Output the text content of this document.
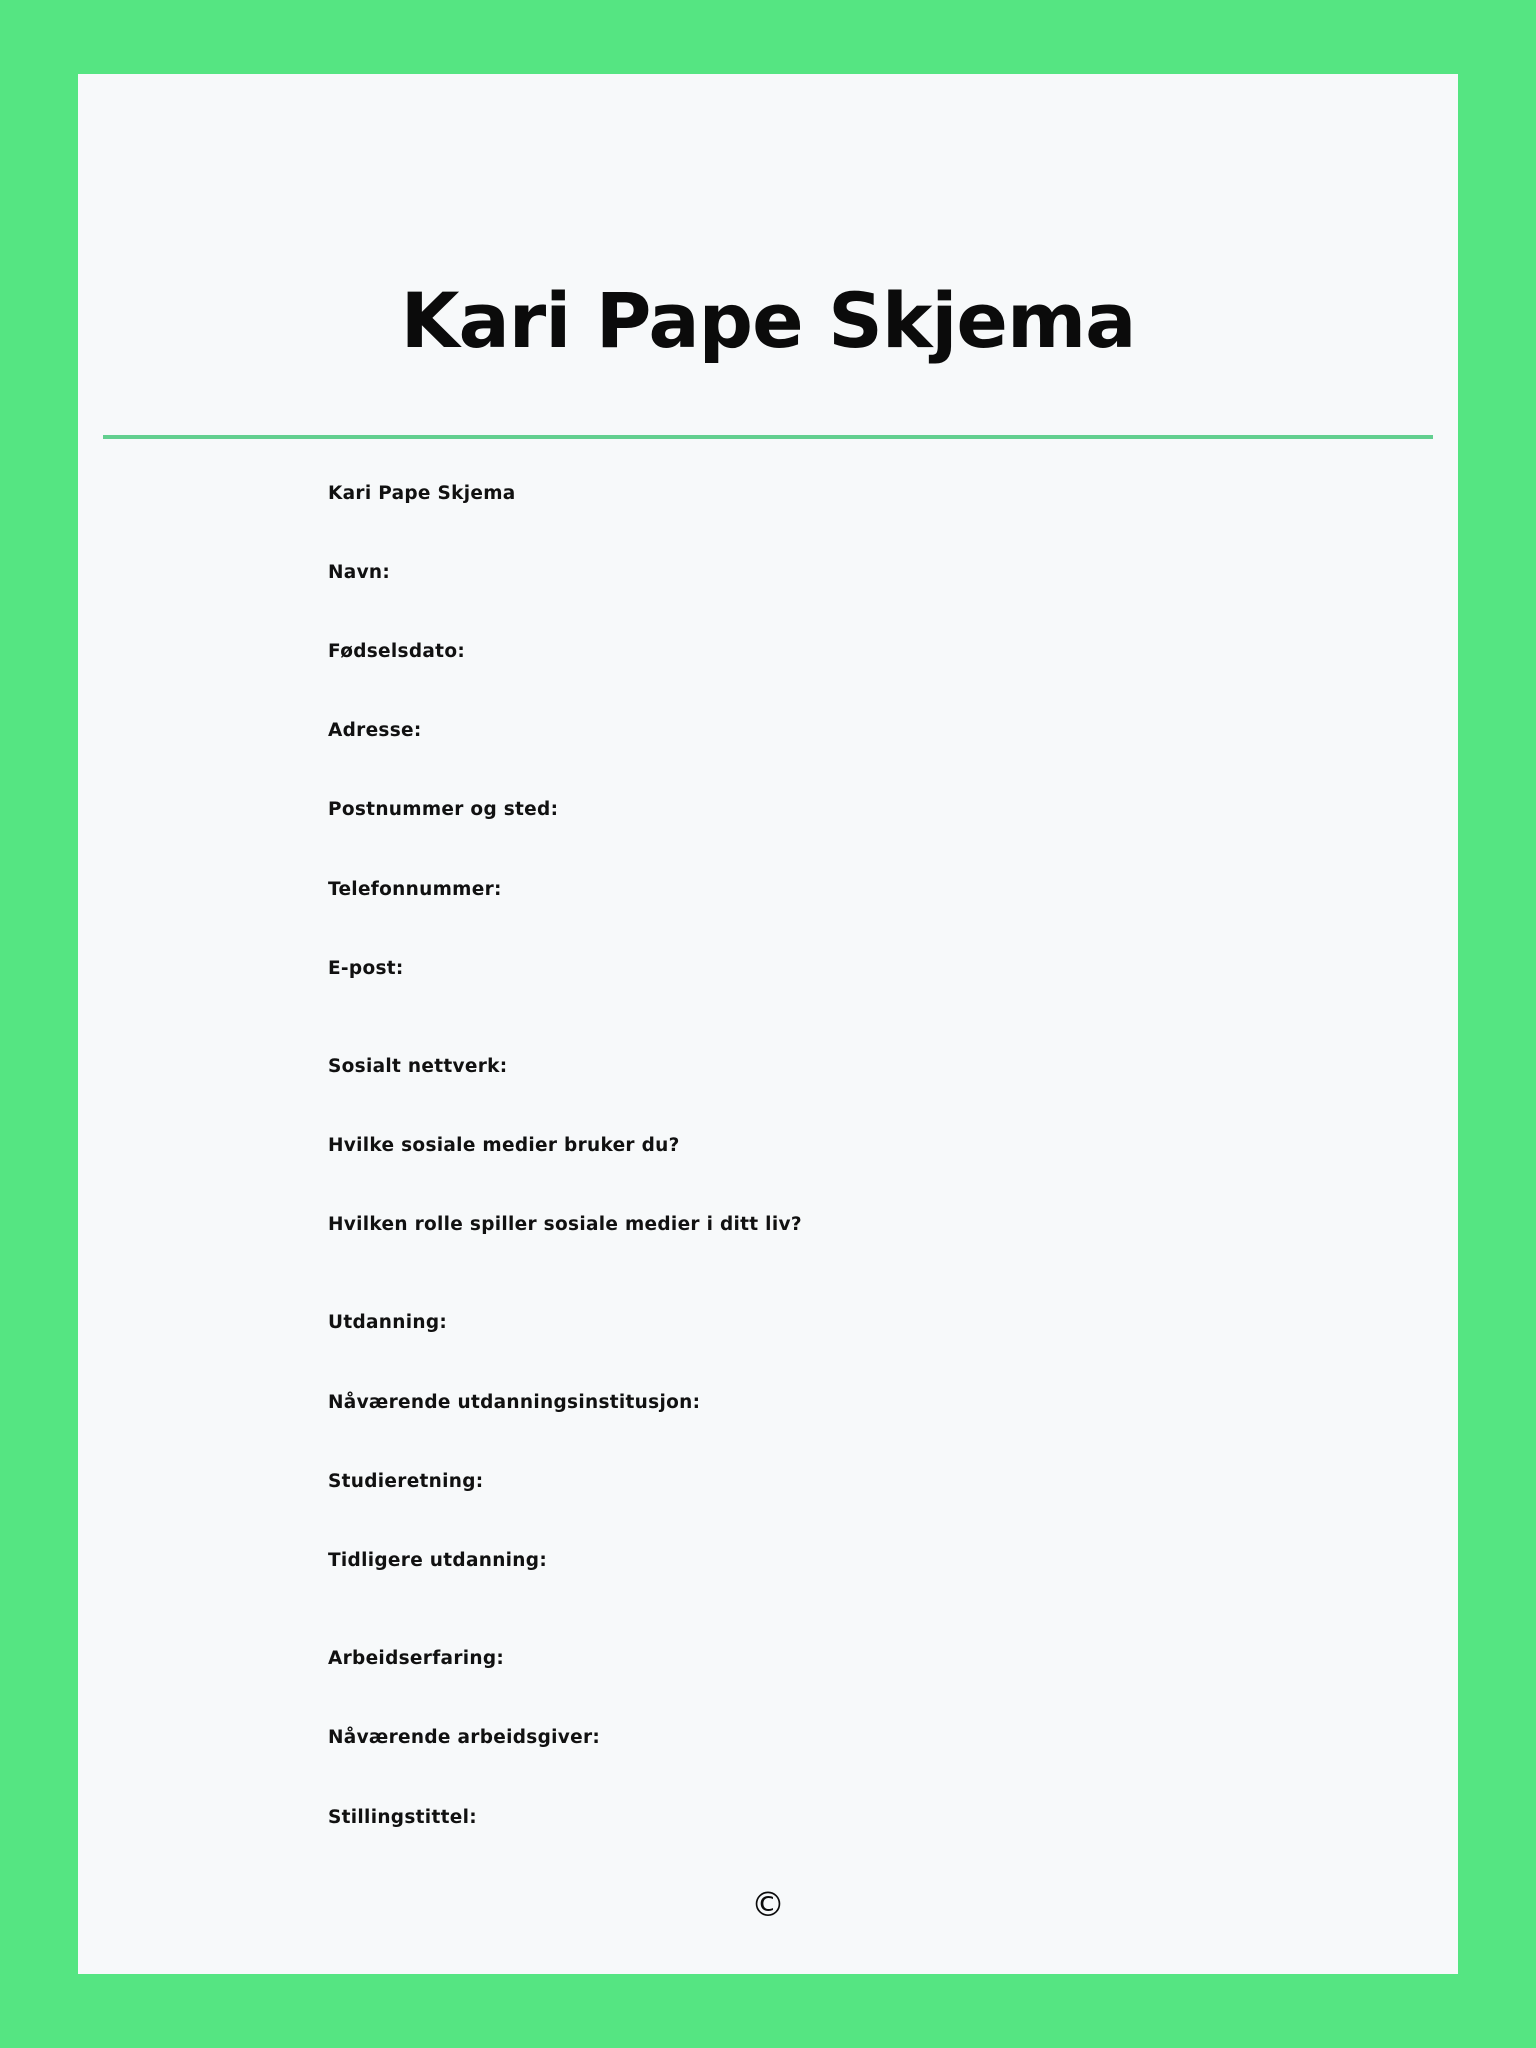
Kari Pape Skjema

Kari Pape Skjema

Navn:

Fødselsdato:

Adresse:

Postnummer og sted:

Telefonnummer:

E-post:

Sosialt nettverk:

Hvilke sosiale medier bruker du?

Hvilken rolle spiller sosiale medier i ditt liv?

Utdanning:

Nåværende utdanningsinstitusjon:

Studieretning:

Tidligere utdanning:

Arbeidserfaring:

Nåværende arbeidsgiver:

Stillingstittel:

©
